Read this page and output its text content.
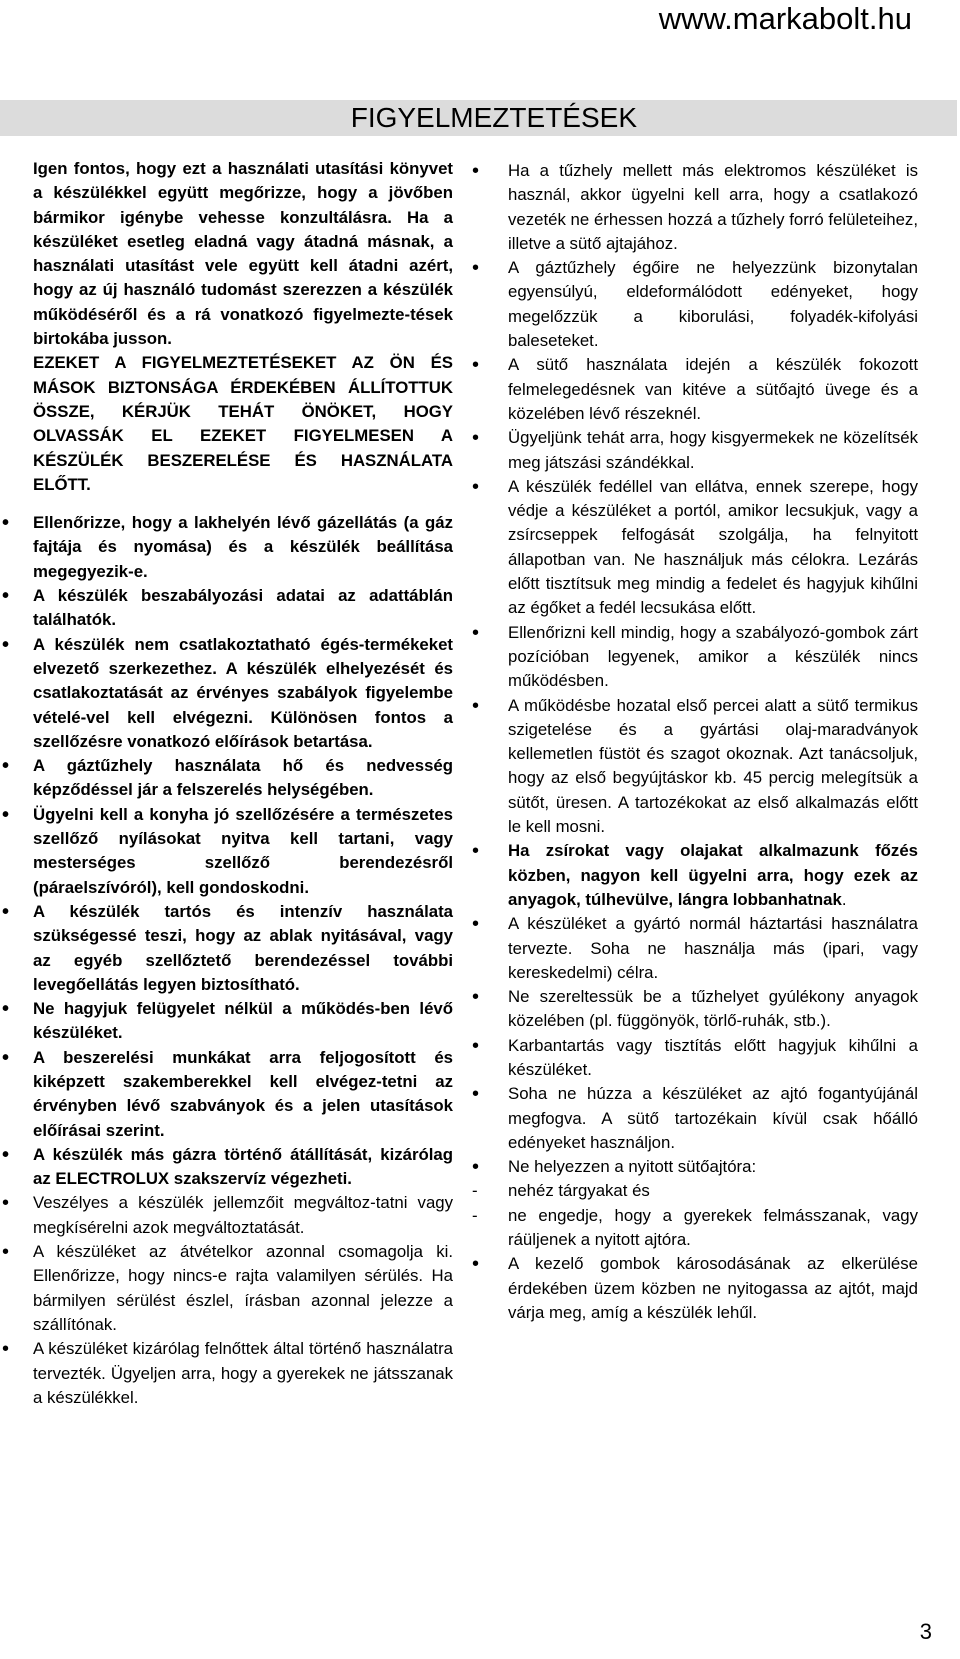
www.markabolt.hu
FIGYELMEZTETÉSEK

Igen fontos, hogy ezt a használati utasítási könyvet a készülékkel együtt megőrizze, hogy a jövőben bármikor igénybe vehesse konzultálásra. Ha a készüléket esetleg eladná vagy átadná másnak, a használati utasítást vele együtt kell átadni azért, hogy az új használó tudomást szerezzen a készülék működéséről és a rá vonatkozó figyelmezte-tések birtokába jusson.

EZEKET A FIGYELMEZTETÉSEKET AZ ÖN ÉS MÁSOK BIZTONSÁGA ÉRDEKÉBEN ÁLLÍTOTTUK ÖSSZE, KÉRJÜK TEHÁT ÖNÖKET, HOGY OLVASSÁK EL EZEKET FIGYELMESEN A KÉSZÜLÉK BESZERELÉSE ÉS HASZNÁLATA ELŐTT.

• Ellenőrizze, hogy a lakhelyén lévő gázellátás (a gáz fajtája és nyomása) és a készülék beállítása megegyezik-e.
• A készülék beszabályozási adatai az adattáblán találhatók.
• A készülék nem csatlakoztatható égés-termékeket elvezető szerkezethez. A készülék elhelyezését és csatlakoztatását az érvényes szabályok figyelembe vételé-vel kell elvégezni. Különösen fontos a szellőzésre vonatkozó előírások betartása.
• A gáztűzhely használata hő és nedvesség képződéssel jár a felszerelés helységében.
• Ügyelni kell a konyha jó szellőzésére a természetes szellőző nyílásokat nyitva kell tartani, vagy mesterséges szellőző berendezésről (páraelszívóról), kell gondoskodni.
• A készülék tartós és intenzív használata szükségessé teszi, hogy az ablak nyitásával, vagy az egyéb szellőztető berendezéssel további levegőellátás legyen biztosítható.
• Ne hagyjuk felügyelet nélkül a működés-ben lévő készüléket.
• A beszerelési munkákat arra feljogosított és kiképzett szakemberekkel kell elvégez-tetni az érvényben lévő szabványok és a jelen utasítások előírásai szerint.
• A készülék más gázra történő átállítását, kizárólag az ELECTROLUX szakszervíz végezheti.
• Veszélyes a készülék jellemzőit megváltoz-tatni vagy megkísérelni azok megváltoztatását.
• A készüléket az átvételkor azonnal csomagolja ki. Ellenőrizze, hogy nincs-e rajta valamilyen sérülés. Ha bármilyen sérülést észlel, írásban azonnal jelezze a szállítónak.
• A készüléket kizárólag felnőttek által történő használatra tervezték. Ügyeljen arra, hogy a gyerekek ne játsszanak a készülékkel.
• Ha a tűzhely mellett más elektromos készüléket is használ, akkor ügyelni kell arra, hogy a csatlakozó vezeték ne érhessen hozzá a tűzhely forró felületeihez, illetve a sütő ajtajához.
• A gáztűzhely égőire ne helyezzünk bizonytalan egyensúlyú, eldeformálódott edényeket, hogy megelőzzük a kiborulási, folyadék-kifolyási baleseteket.
• A sütő használata idején a készülék fokozott felmelegedésnek van kitéve a sütőajtó üvege és a közelében lévő részeknél.
• Ügyeljünk tehát arra, hogy kisgyermekek ne közelítsék meg játszási szándékkal.
• A készülék fedéllel van ellátva, ennek szerepe, hogy védje a készüléket a portól, amikor lecsukjuk, vagy a zsírcseppek felfogását szolgálja, ha felnyitott állapotban van. Ne használjuk más célokra. Lezárás előtt tisztítsuk meg mindig a fedelet és hagyjuk kihűlni az égőket a fedél lecsukása előtt.
• Ellenőrizni kell mindig, hogy a szabályozó-gombok zárt pozícióban legyenek, amikor a készülék nincs működésben.
• A működésbe hozatal első percei alatt a sütő termikus szigetelése és a gyártási olaj-maradványok kellemetlen füstöt és szagot okoznak. Azt tanácsoljuk, hogy az első begyújtáskor kb. 45 percig melegítsük a sütőt, üresen. A tartozékokat az első alkalmazás előtt le kell mosni.
• Ha zsírokat vagy olajakat alkalmazunk főzés közben, nagyon kell ügyelni arra, hogy ezek az anyagok, túlhevülve, lángra lobbanhatnak.
• A készüléket a gyártó normál háztartási használatra tervezte. Soha ne használja más (ipari, vagy kereskedelmi) célra.
• Ne szereltessük be a tűzhelyet gyúlékony anyagok közelében (pl. függönyök, törlő-ruhák, stb.).
• Karbantartás vagy tisztítás előtt hagyjuk kihűlni a készüléket.
• Soha ne húzza a készüléket az ajtó fogantyújánál megfogva. A sütő tartozékain kívül csak hőálló edényeket használjon.
• Ne helyezzen a nyitott sütőajtóra:
- nehéz tárgyakat és
- ne engedje, hogy a gyerekek felmásszanak, vagy ráüljenek a nyitott ajtóra.
• A kezelő gombok károsodásának az elkerülése érdekében üzem közben ne nyitogassa az ajtót, majd várja meg, amíg a készülék lehűl.
3
